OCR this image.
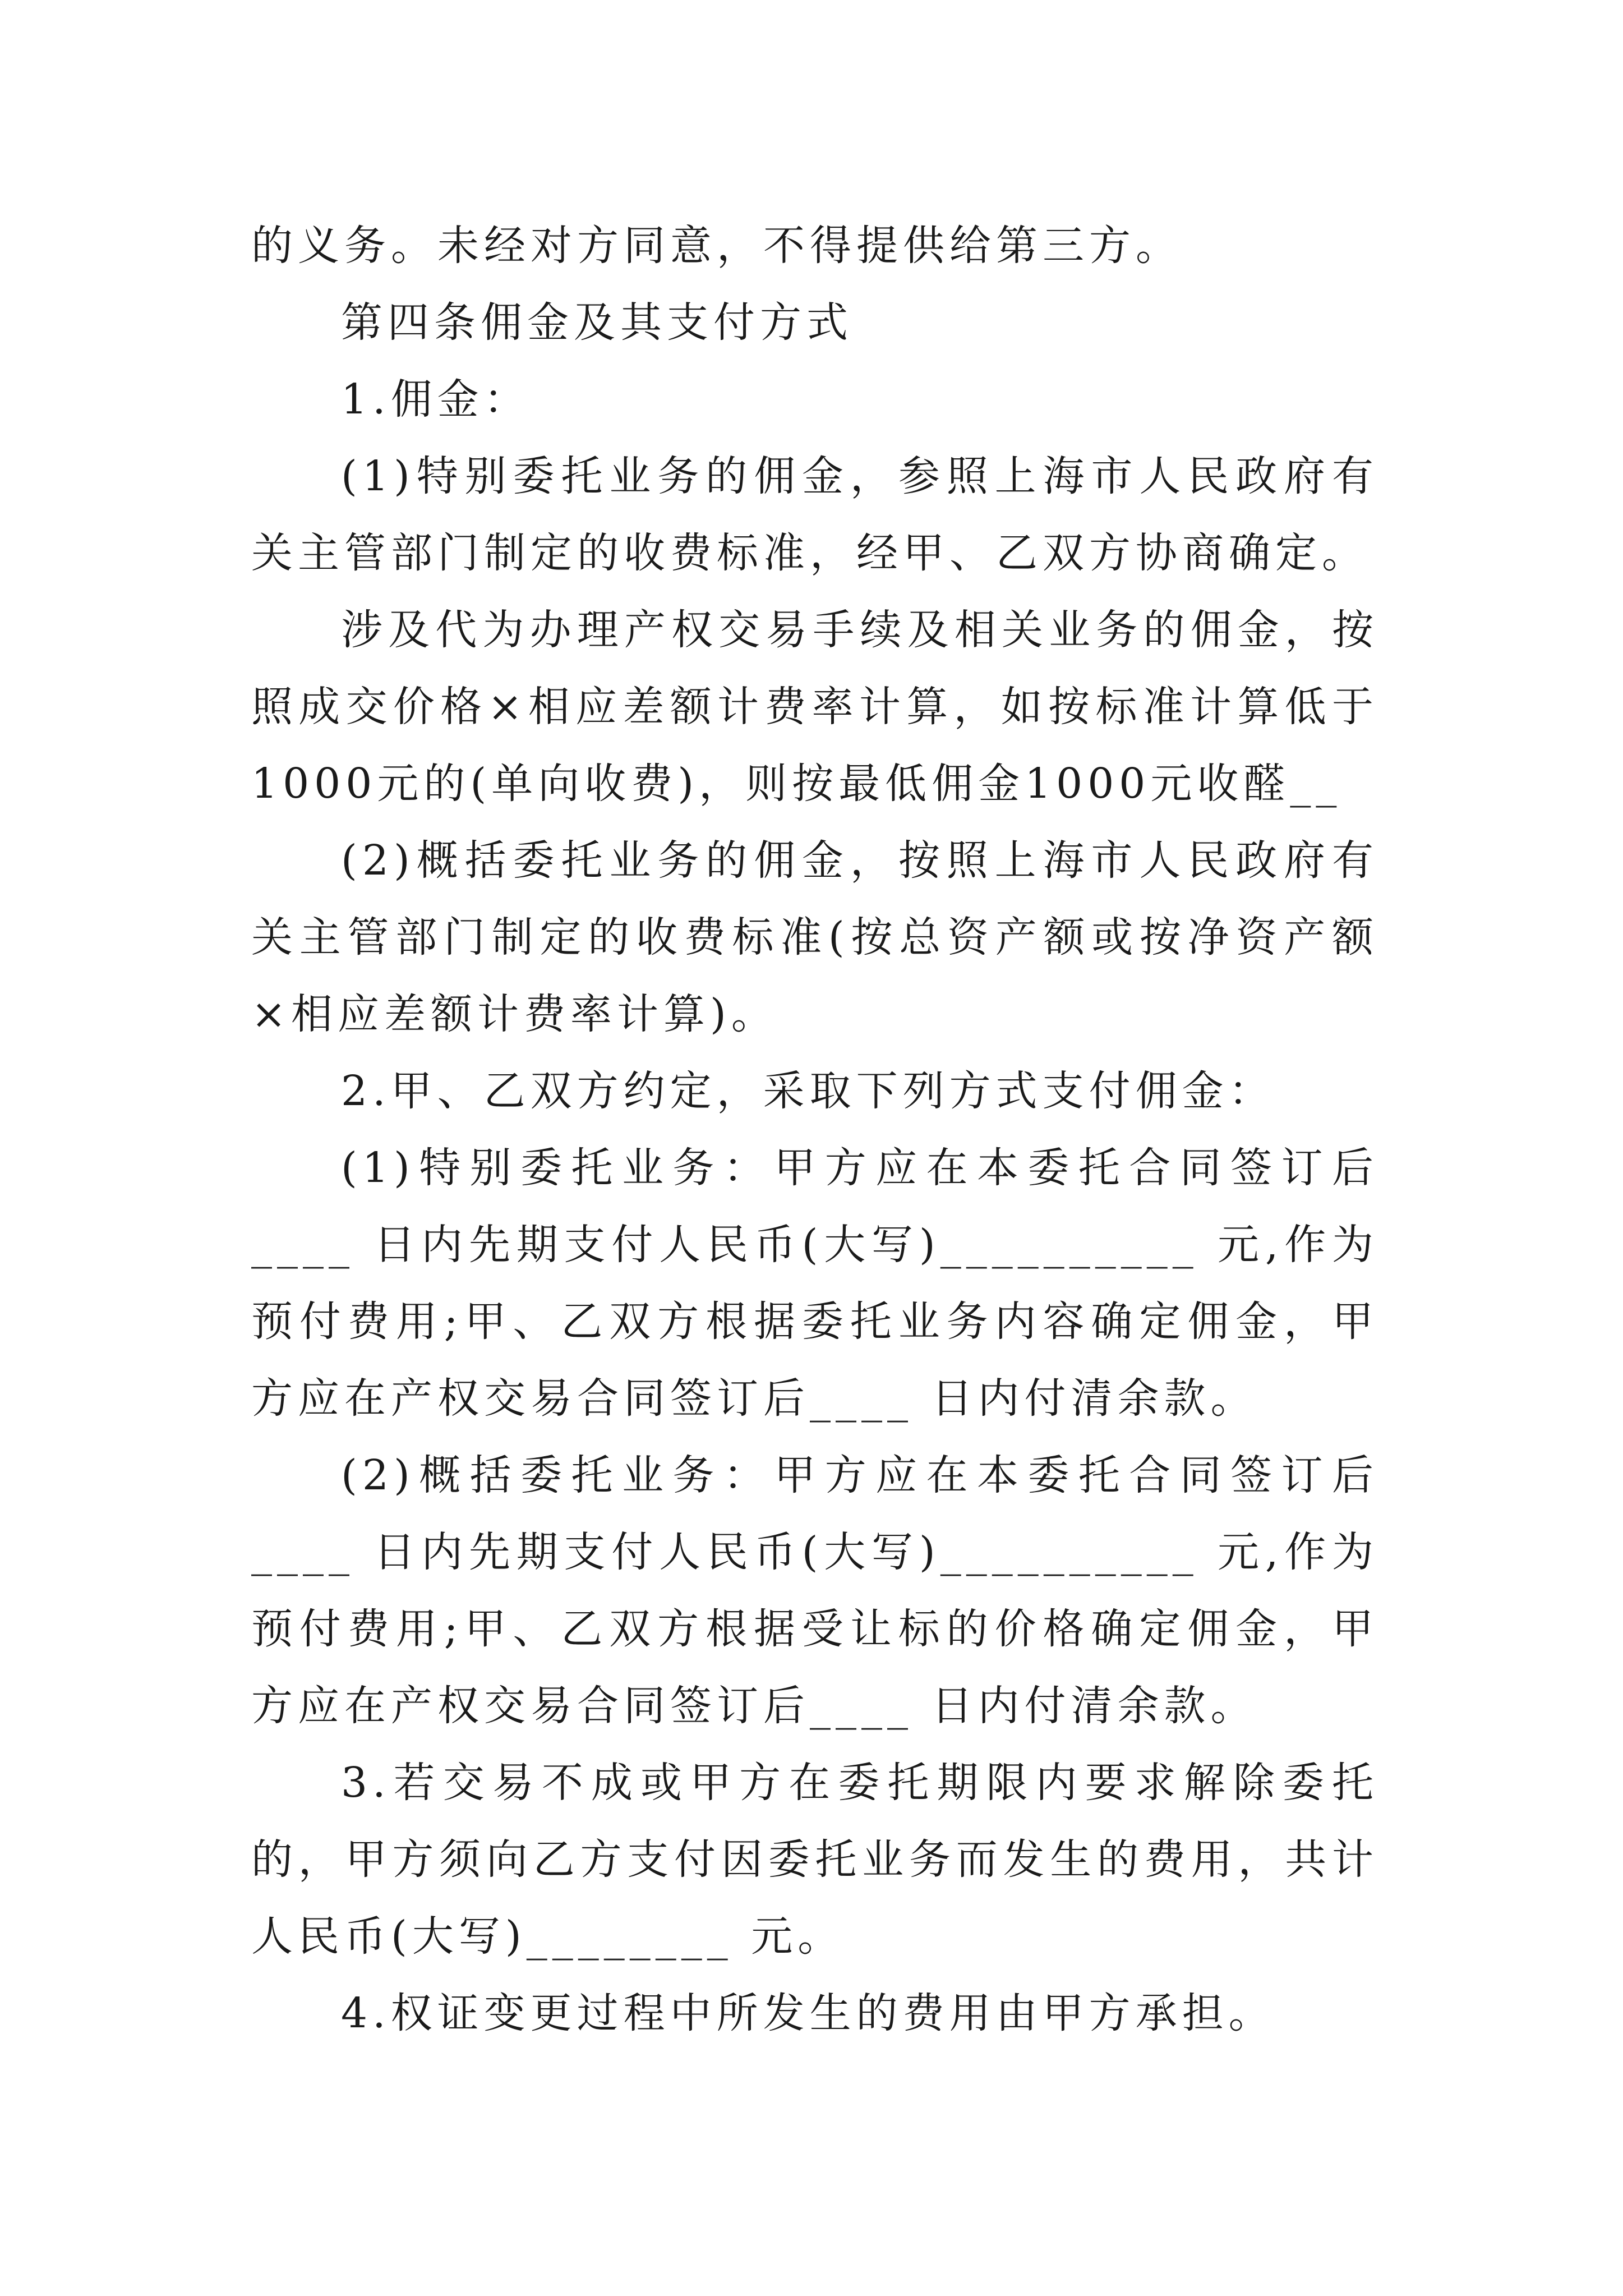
的义务。未经对方同意，不得提供给第三方。

第四条佣金及其支付方式

1.佣金：

(1)特别委托业务的佣金，参照上海市人民政府有关主管部门制定的收费标准，经甲、乙双方协商确定。

涉及代为办理产权交易手续及相关业务的佣金，按照成交价格×相应差额计费率计算，如按标准计算低于1000元的(单向收费)，则按最低佣金1000元收醛__

(2)概括委托业务的佣金，按照上海市人民政府有关主管部门制定的收费标准(按总资产额或按净资产额×相应差额计费率计算)。

2.甲、乙双方约定，采取下列方式支付佣金：

(1)特别委托业务：甲方应在本委托合同签订后____ 日内先期支付人民币(大写)__________ 元,作为预付费用;甲、乙双方根据委托业务内容确定佣金，甲方应在产权交易合同签订后____ 日内付清余款。

(2)概括委托业务：甲方应在本委托合同签订后____ 日内先期支付人民币(大写)__________ 元,作为预付费用;甲、乙双方根据受让标的价格确定佣金，甲方应在产权交易合同签订后____ 日内付清余款。

3.若交易不成或甲方在委托期限内要求解除委托的，甲方须向乙方支付因委托业务而发生的费用，共计人民币(大写)________ 元。

4.权证变更过程中所发生的费用由甲方承担。
